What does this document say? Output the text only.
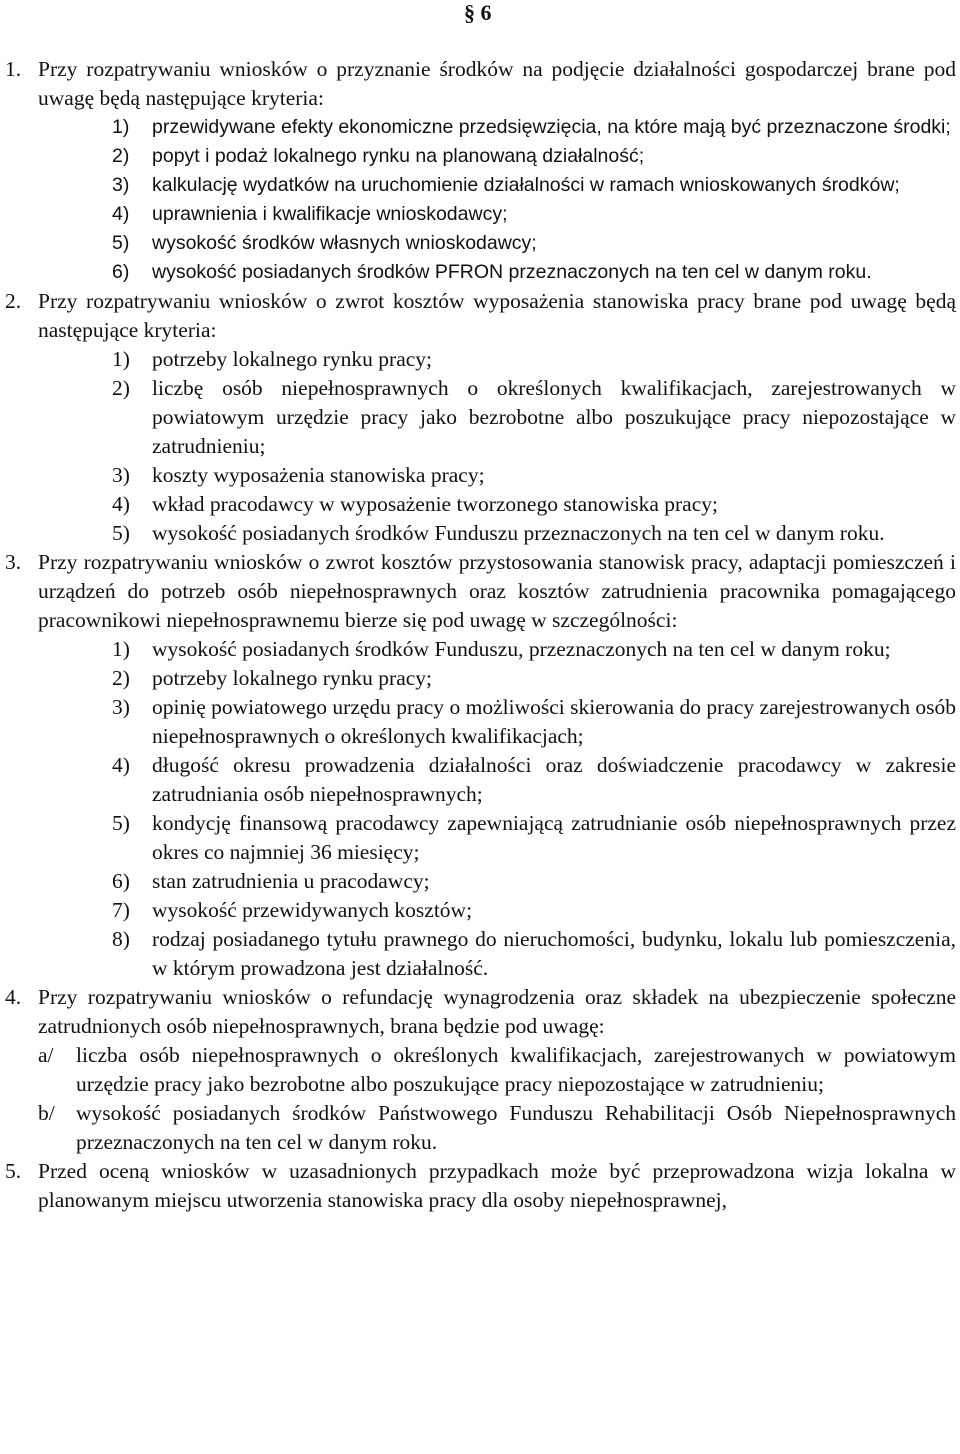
§ 6
1. Przy rozpatrywaniu wniosków o przyznanie środków na podjęcie działalności gospodarczej brane pod uwagę będą następujące kryteria:
1) przewidywane efekty ekonomiczne przedsięwzięcia, na które mają być przeznaczone środki;
2) popyt i podaż lokalnego rynku na planowaną działalność;
3) kalkulację wydatków na uruchomienie działalności w ramach wnioskowanych środków;
4) uprawnienia i kwalifikacje wnioskodawcy;
5) wysokość środków własnych wnioskodawcy;
6) wysokość posiadanych środków PFRON przeznaczonych na ten cel w danym roku.
2. Przy rozpatrywaniu wniosków o zwrot kosztów wyposażenia stanowiska pracy brane pod uwagę będą następujące kryteria:
1) potrzeby lokalnego rynku pracy;
2) liczbę osób niepełnosprawnych o określonych kwalifikacjach, zarejestrowanych w powiatowym urzędzie pracy jako bezrobotne albo poszukujące pracy niepozostające w zatrudnieniu;
3) koszty wyposażenia stanowiska pracy;
4) wkład pracodawcy w wyposażenie tworzonego stanowiska pracy;
5) wysokość posiadanych środków Funduszu przeznaczonych na ten cel w danym roku.
3. Przy rozpatrywaniu wniosków o zwrot kosztów przystosowania stanowisk pracy, adaptacji pomieszczeń i urządzeń do potrzeb osób niepełnosprawnych oraz kosztów zatrudnienia pracownika pomagającego pracownikowi niepełnosprawnemu bierze się pod uwagę w szczególności:
1) wysokość posiadanych środków Funduszu, przeznaczonych na ten cel w danym roku;
2) potrzeby lokalnego rynku pracy;
3) opinię powiatowego urzędu pracy o możliwości skierowania do pracy zarejestrowanych osób niepełnosprawnych o określonych kwalifikacjach;
4) długość okresu prowadzenia działalności oraz doświadczenie pracodawcy w zakresie zatrudniania osób niepełnosprawnych;
5) kondycję finansową pracodawcy zapewniającą zatrudnianie osób niepełnosprawnych przez okres co najmniej 36 miesięcy;
6) stan zatrudnienia u pracodawcy;
7) wysokość przewidywanych kosztów;
8) rodzaj posiadanego tytułu prawnego do nieruchomości, budynku, lokalu lub pomieszczenia, w którym prowadzona jest działalność.
4. Przy rozpatrywaniu wniosków o refundację wynagrodzenia oraz składek na ubezpieczenie społeczne zatrudnionych osób niepełnosprawnych, brana będzie pod uwagę:
a/ liczba osób niepełnosprawnych o określonych kwalifikacjach, zarejestrowanych w powiatowym urzędzie pracy jako bezrobotne albo poszukujące pracy niepozostające w zatrudnieniu;
b/ wysokość posiadanych środków Państwowego Funduszu Rehabilitacji Osób Niepełnosprawnych przeznaczonych na ten cel w danym roku.
5. Przed oceną wniosków w uzasadnionych przypadkach może być przeprowadzona wizja lokalna w planowanym miejscu utworzenia stanowiska pracy dla osoby niepełnosprawnej,
